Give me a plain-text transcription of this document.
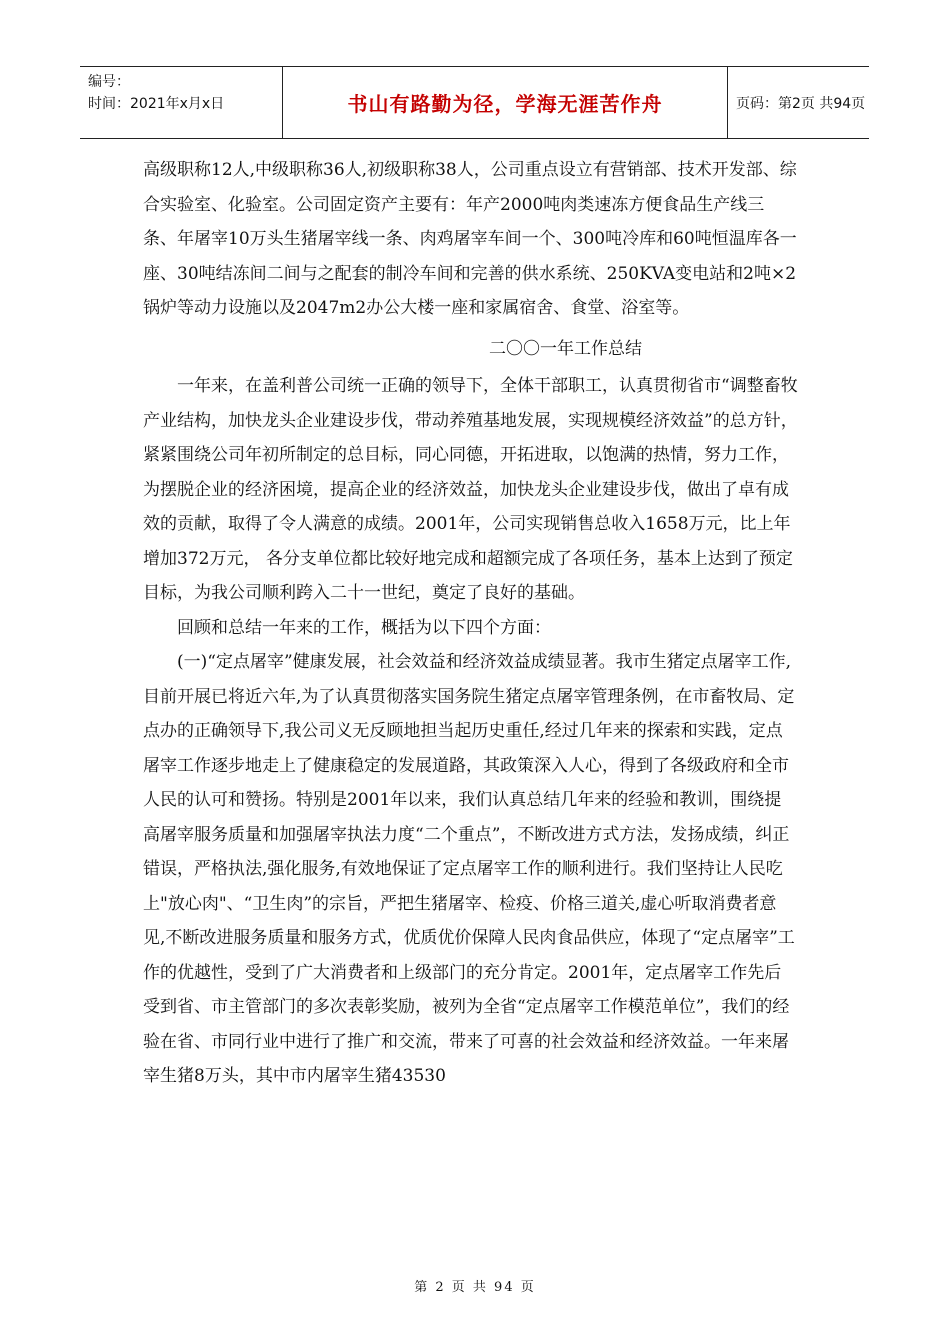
编号：
时间：2021年x月x日	书山有路勤为径，学海无涯苦作舟	页码：第2页 共94页

高级职称12人,中级职称36人,初级职称38人，公司重点设立有营销部、技术开发部、综合实验室、化验室。公司固定资产主要有：年产2000吨肉类速冻方便食品生产线三条、年屠宰10万头生猪屠宰线一条、肉鸡屠宰车间一个、300吨冷库和60吨恒温库各一座、30吨结冻间二间与之配套的制冷车间和完善的供水系统、250KVA变电站和2吨×2锅炉等动力设施以及2047m2办公大楼一座和家属宿舍、食堂、浴室等。

二〇〇一年工作总结

一年来，在盖利普公司统一正确的领导下，全体干部职工，认真贯彻省市“调整畜牧产业结构，加快龙头企业建设步伐，带动养殖基地发展，实现规模经济效益”的总方针，紧紧围绕公司年初所制定的总目标，同心同德，开拓进取，以饱满的热情，努力工作，为摆脱企业的经济困境，提高企业的经济效益，加快龙头企业建设步伐，做出了卓有成效的贡献，取得了令人满意的成绩。2001年，公司实现销售总收入1658万元，比上年增加372万元， 各分支单位都比较好地完成和超额完成了各项任务，基本上达到了预定目标，为我公司顺利跨入二十一世纪，奠定了良好的基础。

回顾和总结一年来的工作，概括为以下四个方面：

(一)“定点屠宰”健康发展，社会效益和经济效益成绩显著。我市生猪定点屠宰工作,目前开展已将近六年,为了认真贯彻落实国务院生猪定点屠宰管理条例，在市畜牧局、定点办的正确领导下,我公司义无反顾地担当起历史重任,经过几年来的探索和实践，定点屠宰工作逐步地走上了健康稳定的发展道路，其政策深入人心，得到了各级政府和全市人民的认可和赞扬。特别是2001年以来，我们认真总结几年来的经验和教训，围绕提高屠宰服务质量和加强屠宰执法力度“二个重点”，不断改进方式方法，发扬成绩，纠正错误，严格执法,强化服务,有效地保证了定点屠宰工作的顺利进行。我们坚持让人民吃上"放心肉"、“卫生肉”的宗旨，严把生猪屠宰、检疫、价格三道关,虚心听取消费者意见,不断改进服务质量和服务方式，优质优价保障人民肉食品供应，体现了“定点屠宰”工作的优越性，受到了广大消费者和上级部门的充分肯定。2001年，定点屠宰工作先后受到省、市主管部门的多次表彰奖励，被列为全省“定点屠宰工作模范单位”，我们的经验在省、市同行业中进行了推广和交流，带来了可喜的社会效益和经济效益。一年来屠宰生猪8万头，其中市内屠宰生猪43530

第 2 页 共 94 页
